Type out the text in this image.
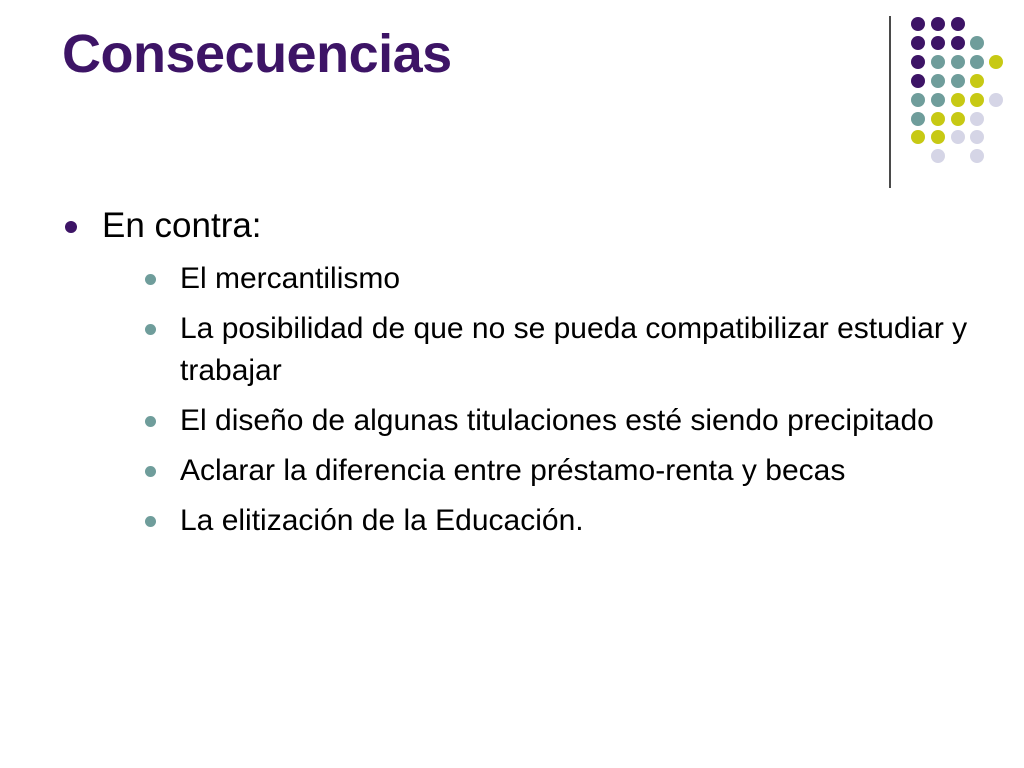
Consecuencias
En contra:
El mercantilismo
La posibilidad de que no se pueda compatibilizar estudiar y trabajar
El diseño de algunas titulaciones esté siendo precipitado
Aclarar la diferencia entre préstamo-renta y becas
La elitización de la Educación.
